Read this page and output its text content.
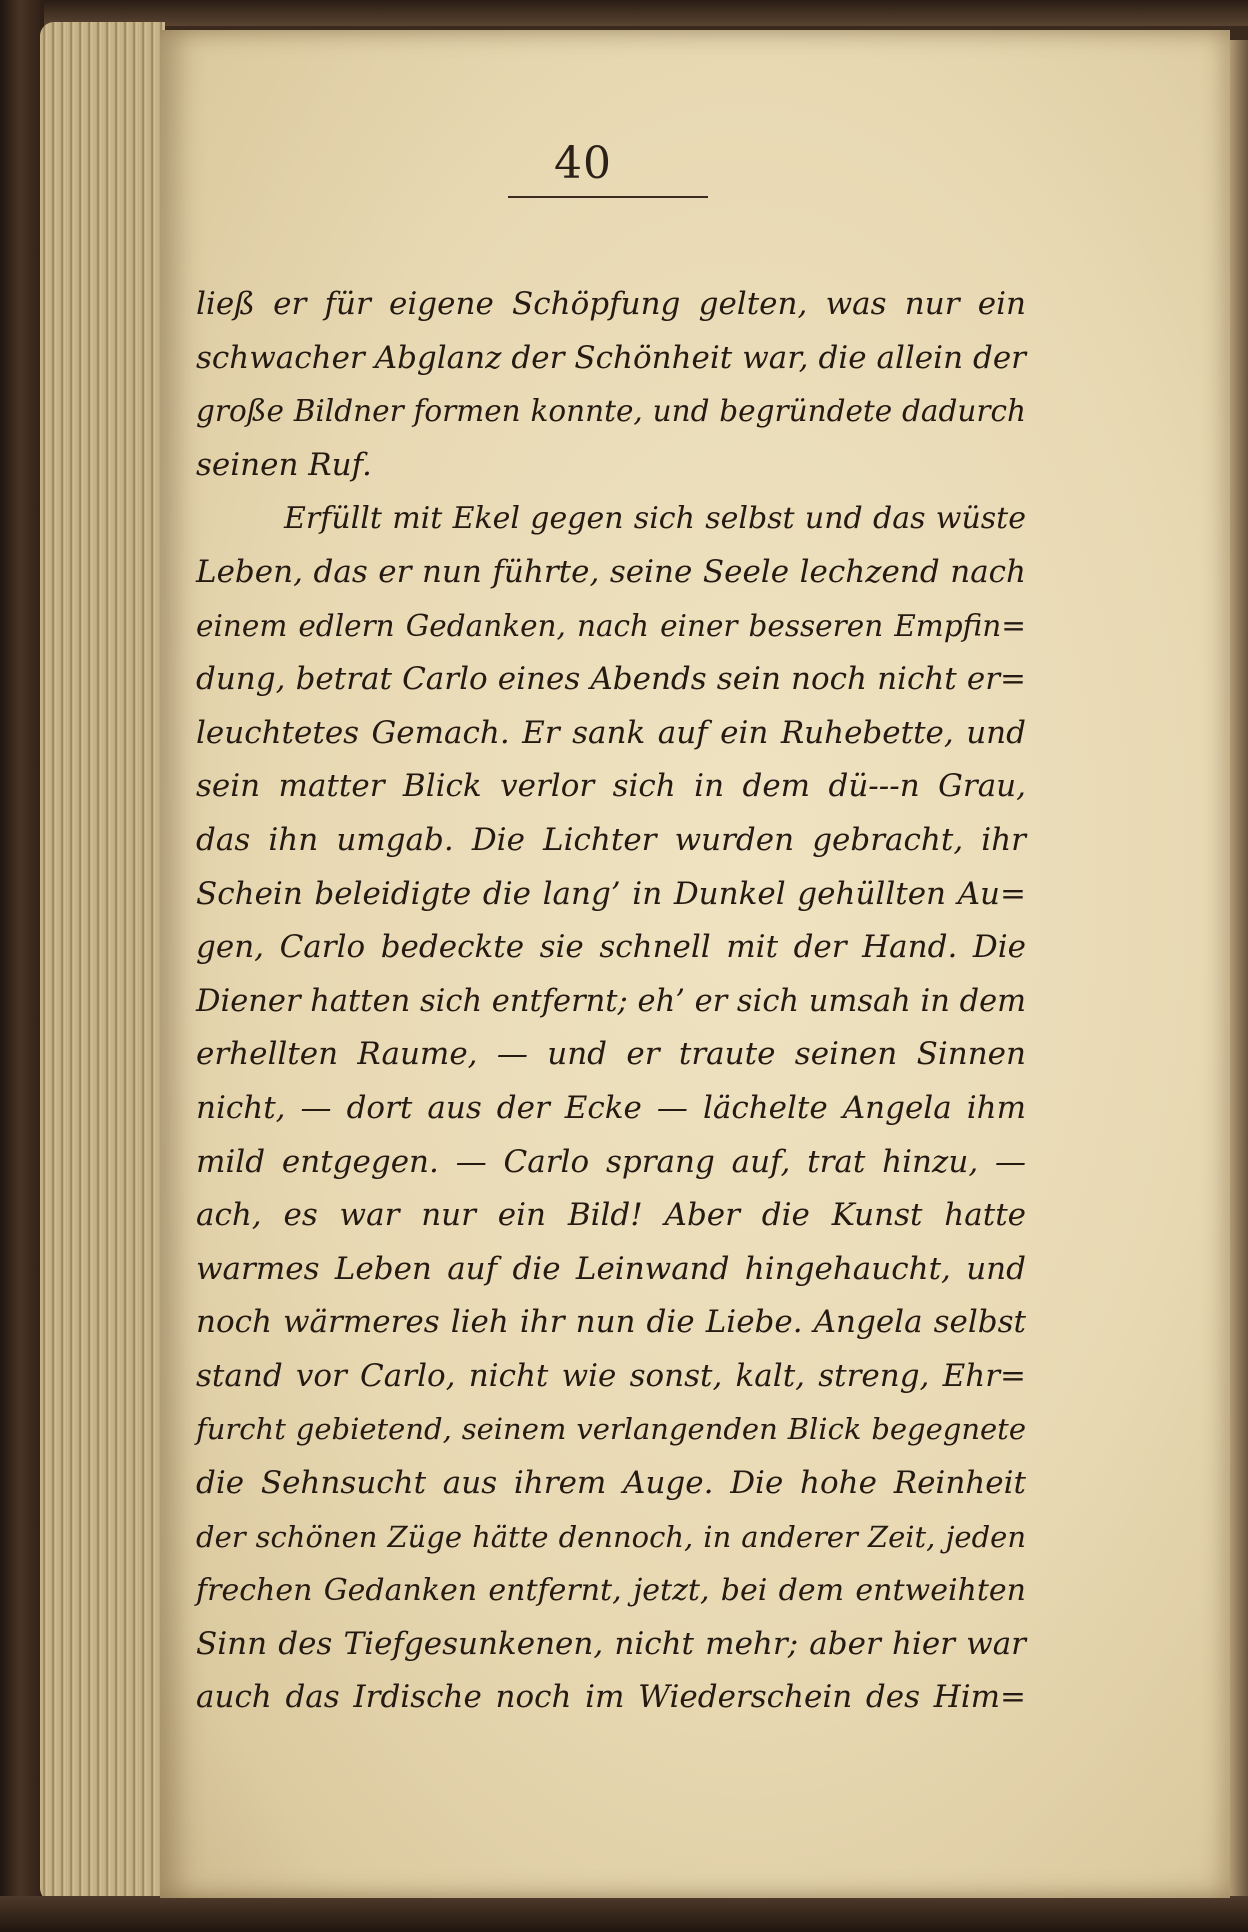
40
ließ er für eigene Schöpfung gelten, was nur ein
schwacher Abglanz der Schönheit war, die allein der
große Bildner formen konnte, und begründete dadurch
seinen Ruf.
Erfüllt mit Ekel gegen sich selbst und das wüste
Leben, das er nun führte, seine Seele lechzend nach
einem edlern Gedanken, nach einer besseren Empfin=
dung, betrat Carlo eines Abends sein noch nicht er=
leuchtetes Gemach. Er sank auf ein Ruhebette, und
sein matter Blick verlor sich in dem dü‑‑‑n Grau,
das ihn umgab. Die Lichter wurden gebracht, ihr
Schein beleidigte die lang’ in Dunkel gehüllten Au=
gen, Carlo bedeckte sie schnell mit der Hand. Die
Diener hatten sich entfernt; eh’ er sich umsah in dem
erhellten Raume, — und er traute seinen Sinnen
nicht, — dort aus der Ecke — lächelte Angela ihm
mild entgegen. — Carlo sprang auf, trat hinzu, —
ach, es war nur ein Bild! Aber die Kunst hatte
warmes Leben auf die Leinwand hingehaucht, und
noch wärmeres lieh ihr nun die Liebe. Angela selbst
stand vor Carlo, nicht wie sonst, kalt, streng, Ehr=
furcht gebietend, seinem verlangenden Blick begegnete
die Sehnsucht aus ihrem Auge. Die hohe Reinheit
der schönen Züge hätte dennoch, in anderer Zeit, jeden
frechen Gedanken entfernt, jetzt, bei dem entweihten
Sinn des Tiefgesunkenen, nicht mehr; aber hier war
auch das Irdische noch im Wiederschein des Him=
